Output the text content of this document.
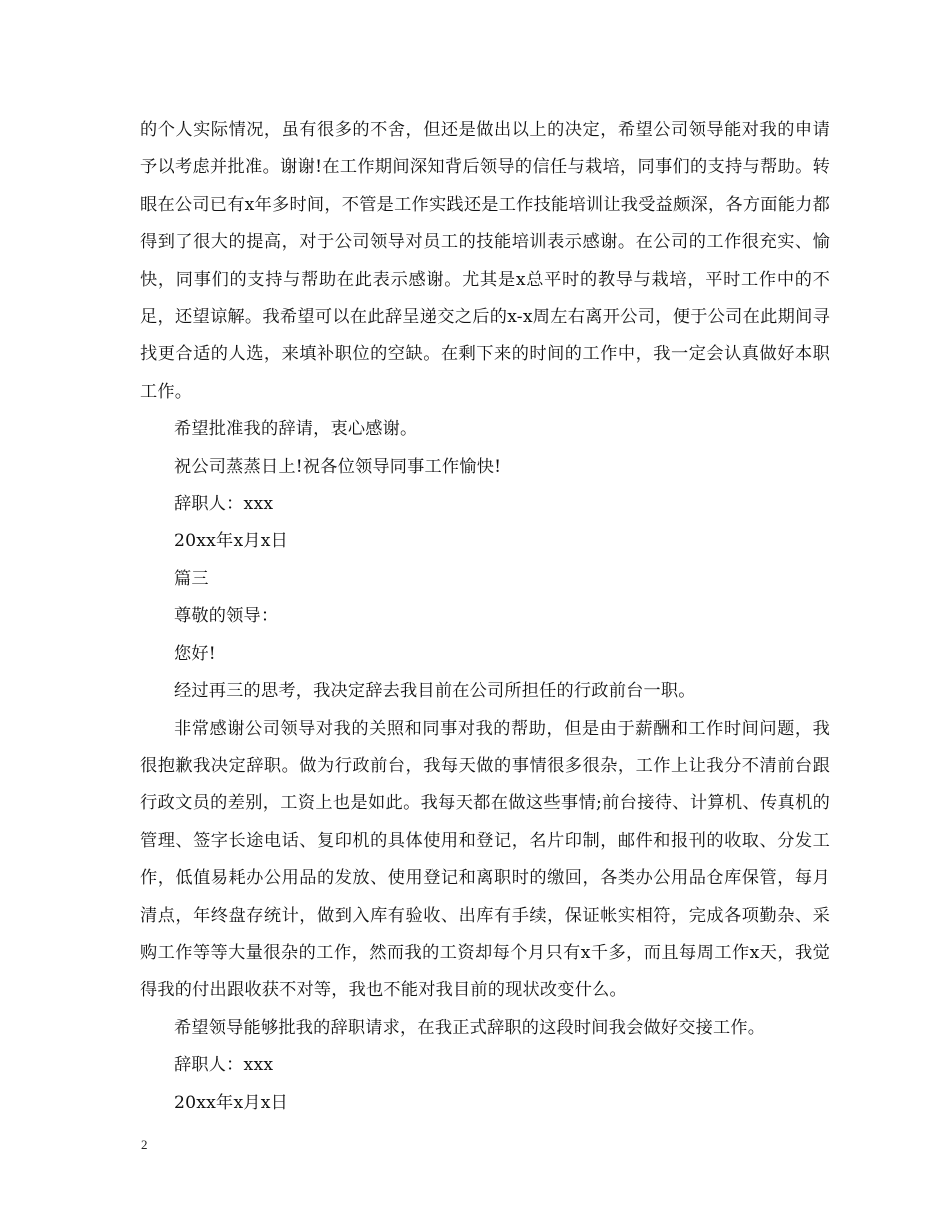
的个人实际情况，虽有很多的不舍，但还是做出以上的决定，希望公司领导能对我的申请予以考虑并批准。谢谢!在工作期间深知背后领导的信任与栽培，同事们的支持与帮助。转眼在公司已有x年多时间，不管是工作实践还是工作技能培训让我受益颇深，各方面能力都得到了很大的提高，对于公司领导对员工的技能培训表示感谢。在公司的工作很充实、愉快，同事们的支持与帮助在此表示感谢。尤其是x总平时的教导与栽培，平时工作中的不足，还望谅解。我希望可以在此辞呈递交之后的x-x周左右离开公司，便于公司在此期间寻找更合适的人选，来填补职位的空缺。在剩下来的时间的工作中，我一定会认真做好本职工作。

希望批准我的辞请，衷心感谢。

祝公司蒸蒸日上!祝各位领导同事工作愉快!

辞职人：xxx

20xx年x月x日

篇三

尊敬的领导：

您好!

经过再三的思考，我决定辞去我目前在公司所担任的行政前台一职。

非常感谢公司领导对我的关照和同事对我的帮助，但是由于薪酬和工作时间问题，我很抱歉我决定辞职。做为行政前台，我每天做的事情很多很杂，工作上让我分不清前台跟行政文员的差别，工资上也是如此。我每天都在做这些事情;前台接待、计算机、传真机的管理、签字长途电话、复印机的具体使用和登记，名片印制，邮件和报刊的收取、分发工作，低值易耗办公用品的发放、使用登记和离职时的缴回，各类办公用品仓库保管，每月清点，年终盘存统计，做到入库有验收、出库有手续，保证帐实相符，完成各项勤杂、采购工作等等大量很杂的工作，然而我的工资却每个月只有x千多，而且每周工作x天，我觉得我的付出跟收获不对等，我也不能对我目前的现状改变什么。

希望领导能够批我的辞职请求，在我正式辞职的这段时间我会做好交接工作。

辞职人：xxx

20xx年x月x日

2
